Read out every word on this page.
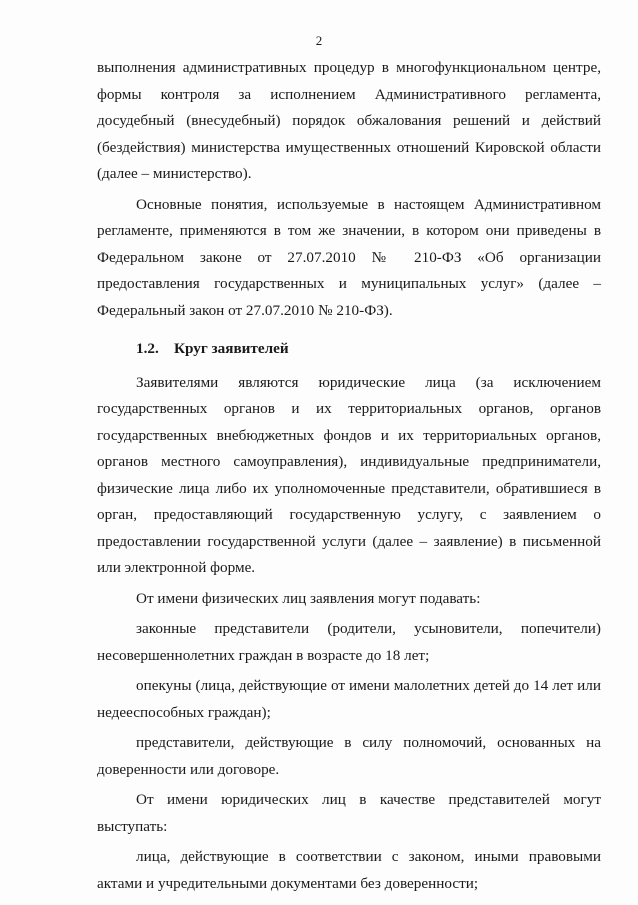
2

выполнения административных процедур в многофункциональном центре, формы контроля за исполнением Административного регламента, досудебный (внесудебный) порядок обжалования решений и действий (бездействия) министерства имущественных отношений Кировской области (далее – министерство).

Основные понятия, используемые в настоящем Административном регламенте, применяются в том же значении, в котором они приведены в Федеральном законе от 27.07.2010 № 210-ФЗ «Об организации предоставления государственных и муниципальных услуг» (далее – Федеральный закон от 27.07.2010 № 210-ФЗ).

1.2. Круг заявителей

Заявителями являются юридические лица (за исключением государственных органов и их территориальных органов, органов государственных внебюджетных фондов и их территориальных органов, органов местного самоуправления), индивидуальные предприниматели, физические лица либо их уполномоченные представители, обратившиеся в орган, предоставляющий государственную услугу, с заявлением о предоставлении государственной услуги (далее – заявление) в письменной или электронной форме.

От имени физических лиц заявления могут подавать:

законные представители (родители, усыновители, попечители) несовершеннолетних граждан в возрасте до 18 лет;

опекуны (лица, действующие от имени малолетних детей до 14 лет или недееспособных граждан);

представители, действующие в силу полномочий, основанных на доверенности или договоре.

От имени юридических лиц в качестве представителей могут выступать:

лица, действующие в соответствии с законом, иными правовыми актами и учредительными документами без доверенности;
